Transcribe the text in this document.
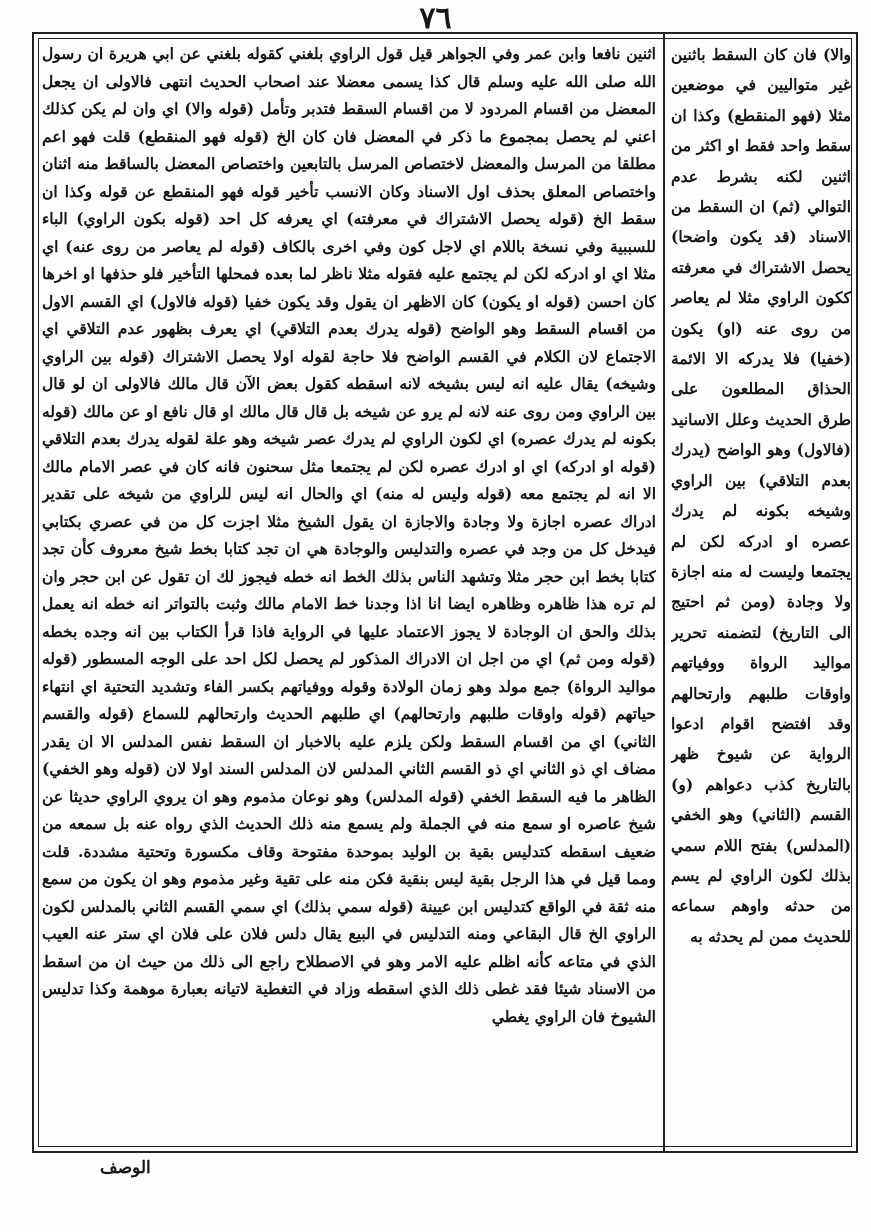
٧٦
اثنين نافعا وابن عمر وفي الجواهر قيل قول الراوي بلغني كقوله بلغني عن ابي هريرة ان رسول الله صلى الله عليه وسلم قال كذا يسمى معضلا عند اصحاب الحديث انتهى فالاولى ان يجعل المعضل من اقسام المردود لا من اقسام السقط فتدبر وتأمل (قوله والا) اي وان لم يكن كذلك اعني لم يحصل بمجموع ما ذكر في المعضل فان كان الخ (قوله فهو المنقطع) قلت فهو اعم مطلقا من المرسل والمعضل لاختصاص المرسل بالتابعين واختصاص المعضل بالساقط منه اثنان واختصاص المعلق بحذف اول الاسناد وكان الانسب تأخير قوله فهو المنقطع عن قوله وكذا ان سقط الخ (قوله يحصل الاشتراك في معرفته) اي يعرفه كل احد (قوله بكون الراوي) الباء للسببية وفي نسخة باللام اي لاجل كون وفي اخرى بالكاف (قوله لم يعاصر من روى عنه) اي مثلا اي او ادركه لكن لم يجتمع عليه فقوله مثلا ناظر لما بعده فمحلها التأخير فلو حذفها او اخرها كان احسن (قوله او يكون) كان الاظهر ان يقول وقد يكون خفيا (قوله فالاول) اي القسم الاول من اقسام السقط وهو الواضح (قوله يدرك بعدم التلاقي) اي يعرف بظهور عدم التلاقي اي الاجتماع لان الكلام في القسم الواضح فلا حاجة لقوله اولا يحصل الاشتراك (قوله بين الراوي وشيخه) يقال عليه انه ليس بشيخه لانه اسقطه كقول بعض الآن قال مالك فالاولى ان لو قال بين الراوي ومن روى عنه لانه لم يرو عن شيخه بل قال قال مالك او قال نافع او عن مالك (قوله بكونه لم يدرك عصره) اي لكون الراوي لم يدرك عصر شيخه وهو علة لقوله يدرك بعدم التلاقي (قوله او ادركه) اي او ادرك عصره لكن لم يجتمعا مثل سحنون فانه كان في عصر الامام مالك الا انه لم يجتمع معه (قوله وليس له منه) اي والحال انه ليس للراوي من شيخه على تقدير ادراك عصره اجازة ولا وجادة والاجازة ان يقول الشيخ مثلا اجزت كل من في عصري بكتابي فيدخل كل من وجد في عصره والتدليس والوجادة هي ان تجد كتابا بخط شيخ معروف كأن تجد كتابا بخط ابن حجر مثلا وتشهد الناس بذلك الخط انه خطه فيجوز لك ان تقول عن ابن حجر وان لم تره هذا ظاهره وظاهره ايضا انا اذا وجدنا خط الامام مالك وثبت بالتواتر انه خطه انه يعمل بذلك والحق ان الوجادة لا يجوز الاعتماد عليها في الرواية فاذا قرأ الكتاب بين انه وجده بخطه (قوله ومن ثم) اي من اجل ان الادراك المذكور لم يحصل لكل احد على الوجه المسطور (قوله مواليد الرواة) جمع مولد وهو زمان الولادة وقوله ووفياتهم بكسر الفاء وتشديد التحتية اي انتهاء حياتهم (قوله واوقات طلبهم وارتحالهم) اي طلبهم الحديث وارتحالهم للسماع (قوله والقسم الثاني) اي من اقسام السقط ولكن يلزم عليه بالاخبار ان السقط نفس المدلس الا ان يقدر مضاف اي ذو الثاني اي ذو القسم الثاني المدلس لان المدلس السند اولا لان (قوله وهو الخفي) الظاهر ما فيه السقط الخفي (قوله المدلس) وهو نوعان مذموم وهو ان يروي الراوي حديثا عن شيخ عاصره او سمع منه في الجملة ولم يسمع منه ذلك الحديث الذي رواه عنه بل سمعه من ضعيف اسقطه كتدليس بقية بن الوليد بموحدة مفتوحة وقاف مكسورة وتحتية مشددة. قلت ومما قيل في هذا الرجل بقية ليس بنقية فكن منه على تقية وغير مذموم وهو ان يكون من سمع منه ثقة في الواقع كتدليس ابن عيينة (قوله سمي بذلك) اي سمي القسم الثاني بالمدلس لكون الراوي الخ قال البقاعي ومنه التدليس في البيع يقال دلس فلان على فلان اي ستر عنه العيب الذي في متاعه كأنه اظلم عليه الامر وهو في الاصطلاح راجع الى ذلك من حيث ان من اسقط من الاسناد شيئا فقد غطى ذلك الذي اسقطه وزاد في التغطية لاتيانه بعبارة موهمة وكذا تدليس الشيوخ فان الراوي يغطي
والا) فان كان السقط باثنين غير متواليين في موضعين مثلا (فهو المنقطع) وكذا ان سقط واحد فقط او اكثر من اثنين لكنه بشرط عدم التوالي (ثم) ان السقط من الاسناد (قد يكون واضحا) يحصل الاشتراك في معرفته ككون الراوي مثلا لم يعاصر من روى عنه (او) يكون (خفيا) فلا يدركه الا الائمة الحذاق المطلعون على طرق الحديث وعلل الاسانيد (فالاول) وهو الواضح (يدرك بعدم التلاقي) بين الراوي وشيخه بكونه لم يدرك عصره او ادركه لكن لم يجتمعا وليست له منه اجازة ولا وجادة (ومن ثم احتيج الى التاريخ) لتضمنه تحرير مواليد الرواة ووفياتهم واوقات طلبهم وارتحالهم وقد افتضح اقوام ادعوا الرواية عن شيوخ ظهر بالتاريخ كذب دعواهم (و) القسم (الثاني) وهو الخفي (المدلس) بفتح اللام سمي بذلك لكون الراوي لم يسم من حدثه واوهم سماعه للحديث ممن لم يحدثه به
الوصف
